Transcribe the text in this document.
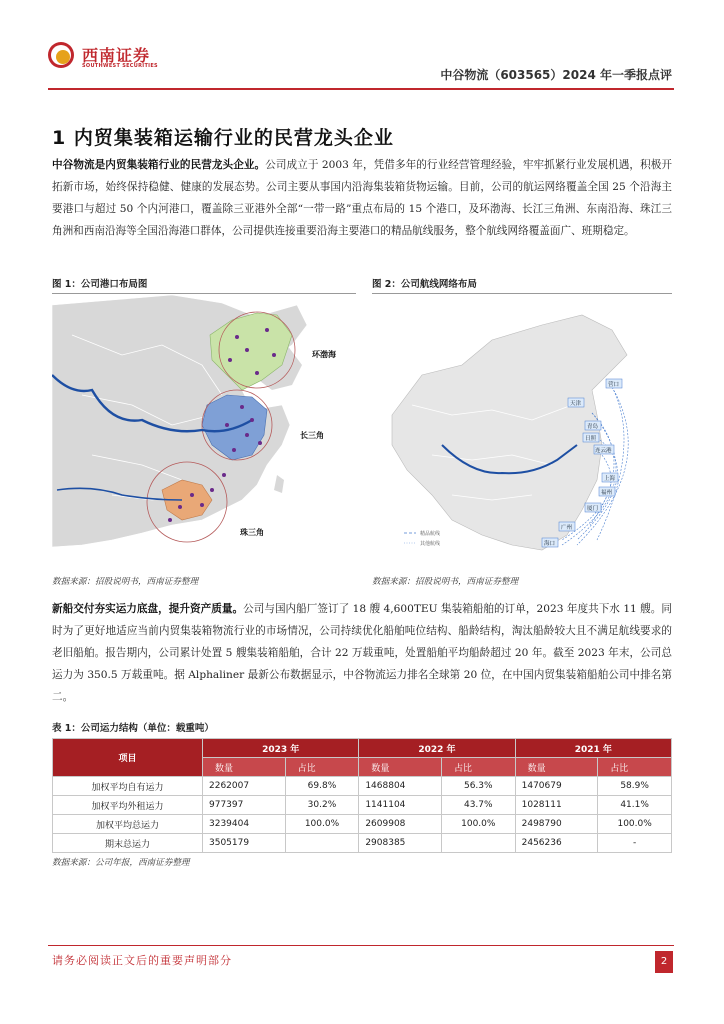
西南证券
SOUTHWEST SECURITIES
中谷物流（603565）2024 年一季报点评
1 内贸集装箱运输行业的民营龙头企业
中谷物流是内贸集装箱行业的民营龙头企业。公司成立于 2003 年，凭借多年的行业经营管理经验，牢牢抓紧行业发展机遇，积极开拓新市场，始终保持稳健、健康的发展态势。公司主要从事国内沿海集装箱货物运输。目前，公司的航运网络覆盖全国 25 个沿海主要港口与超过 50 个内河港口，覆盖除三亚港外全部“一带一路”重点布局的 15 个港口，及环渤海、长江三角洲、东南沿海、珠江三角洲和西南沿海等全国沿海港口群体，公司提供连接重要沿海主要港口的精品航线服务，整个航线网络覆盖面广、班期稳定。
图 1：公司港口布局图	图 2：公司航线网络布局
环渤海
长三角
珠三角
营口
天津
青岛
日照
连云港
上海
福州
厦门
广州
海口
精品航线
其他航线
数据来源：招股说明书，西南证券整理	数据来源：招股说明书，西南证券整理
新船交付夯实运力底盘，提升资产质量。公司与国内船厂签订了 18 艘 4,600TEU 集装箱船舶的订单，2023 年度共下水 11 艘。同时为了更好地适应当前内贸集装箱物流行业的市场情况，公司持续优化船舶吨位结构、船龄结构，淘汰船龄较大且不满足航线要求的老旧船舶。报告期内，公司累计处置 5 艘集装箱船舶，合计 22 万载重吨，处置船舶平均船龄超过 20 年。截至 2023 年末，公司总运力为 350.5 万载重吨。据 Alphaliner 最新公布数据显示，中谷物流运力排名全球第 20 位，在中国内贸集装箱船舶公司中排名第二。
表 1：公司运力结构（单位：载重吨）
项目	2023 年		2022 年		2021 年	
	数量	占比	数量	占比	数量	占比
加权平均自有运力	2262007	69.8%	1468804	56.3%	1470679	58.9%
加权平均外租运力	977397	30.2%	1141104	43.7%	1028111	41.1%
加权平均总运力	3239404	100.0%	2609908	100.0%	2498790	100.0%
期末总运力	3505179		2908385		2456236	-
数据来源：公司年报，西南证券整理
请务必阅读正文后的重要声明部分	2
